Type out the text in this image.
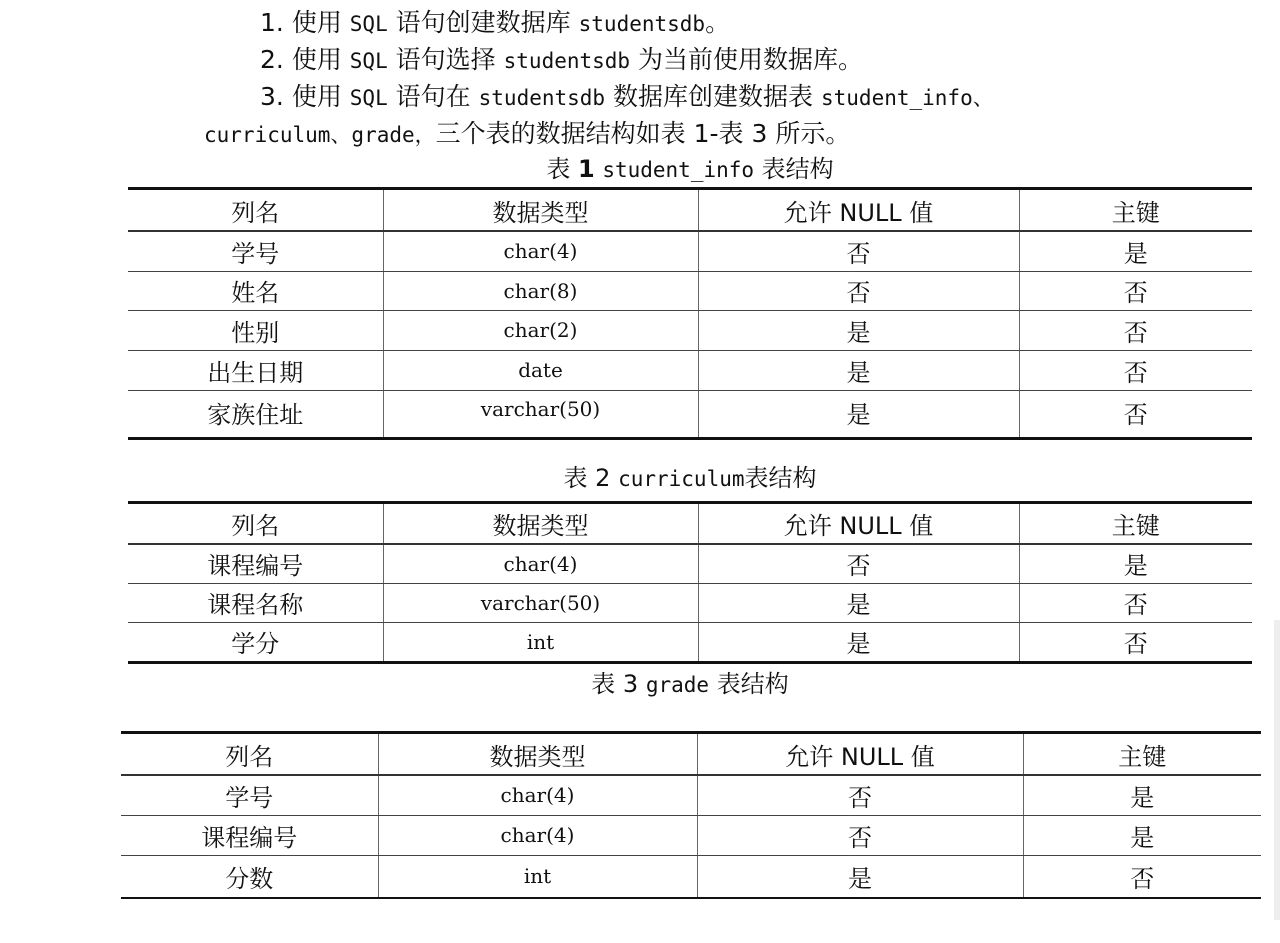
1. 使用 SQL 语句创建数据库 studentsdb。
2. 使用 SQL 语句选择 studentsdb 为当前使用数据库。
3. 使用 SQL 语句在 studentsdb 数据库创建数据表 student_info、
curriculum、grade，三个表的数据结构如表 1-表 3 所示。
表 1 student_info 表结构
列名	数据类型	允许 NULL 值	主键
学号	char(4)	否	是
姓名	char(8)	否	否
性别	char(2)	是	否
出生日期	date	是	否
家族住址	varchar(50)	是	否
表 2 curriculum表结构
列名	数据类型	允许 NULL 值	主键
课程编号	char(4)	否	是
课程名称	varchar(50)	是	否
学分	int	是	否
表 3 grade 表结构
列名	数据类型	允许 NULL 值	主键
学号	char(4)	否	是
课程编号	char(4)	否	是
分数	int	是	否
